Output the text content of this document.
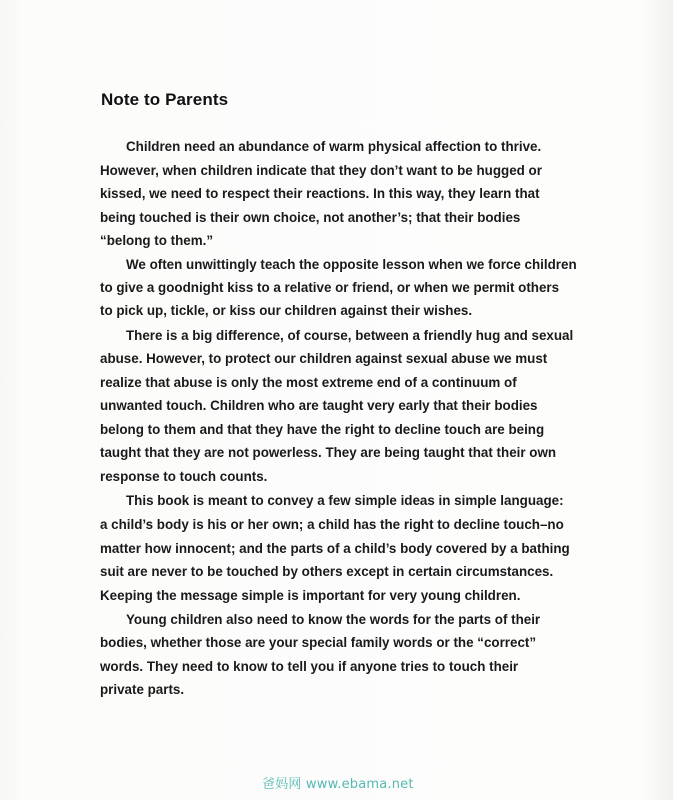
Note to Parents

Children need an abundance of warm physical affection to thrive.

However, when children indicate that they don’t want to be hugged or

kissed, we need to respect their reactions. In this way, they learn that

being touched is their own choice, not another’s; that their bodies

“belong to them.”

We often unwittingly teach the opposite lesson when we force children

to give a goodnight kiss to a relative or friend, or when we permit others

to pick up, tickle, or kiss our children against their wishes.

There is a big difference, of course, between a friendly hug and sexual

abuse. However, to protect our children against sexual abuse we must

realize that abuse is only the most extreme end of a continuum of

unwanted touch. Children who are taught very early that their bodies

belong to them and that they have the right to decline touch are being

taught that they are not powerless. They are being taught that their own

response to touch counts.

This book is meant to convey a few simple ideas in simple language:

a child’s body is his or her own; a child has the right to decline touch–no

matter how innocent; and the parts of a child’s body covered by a bathing

suit are never to be touched by others except in certain circumstances.

Keeping the message simple is important for very young children.

Young children also need to know the words for the parts of their

bodies, whether those are your special family words or the “correct”

words. They need to know to tell you if anyone tries to touch their

private parts.

爸妈网 www.ebama.net
